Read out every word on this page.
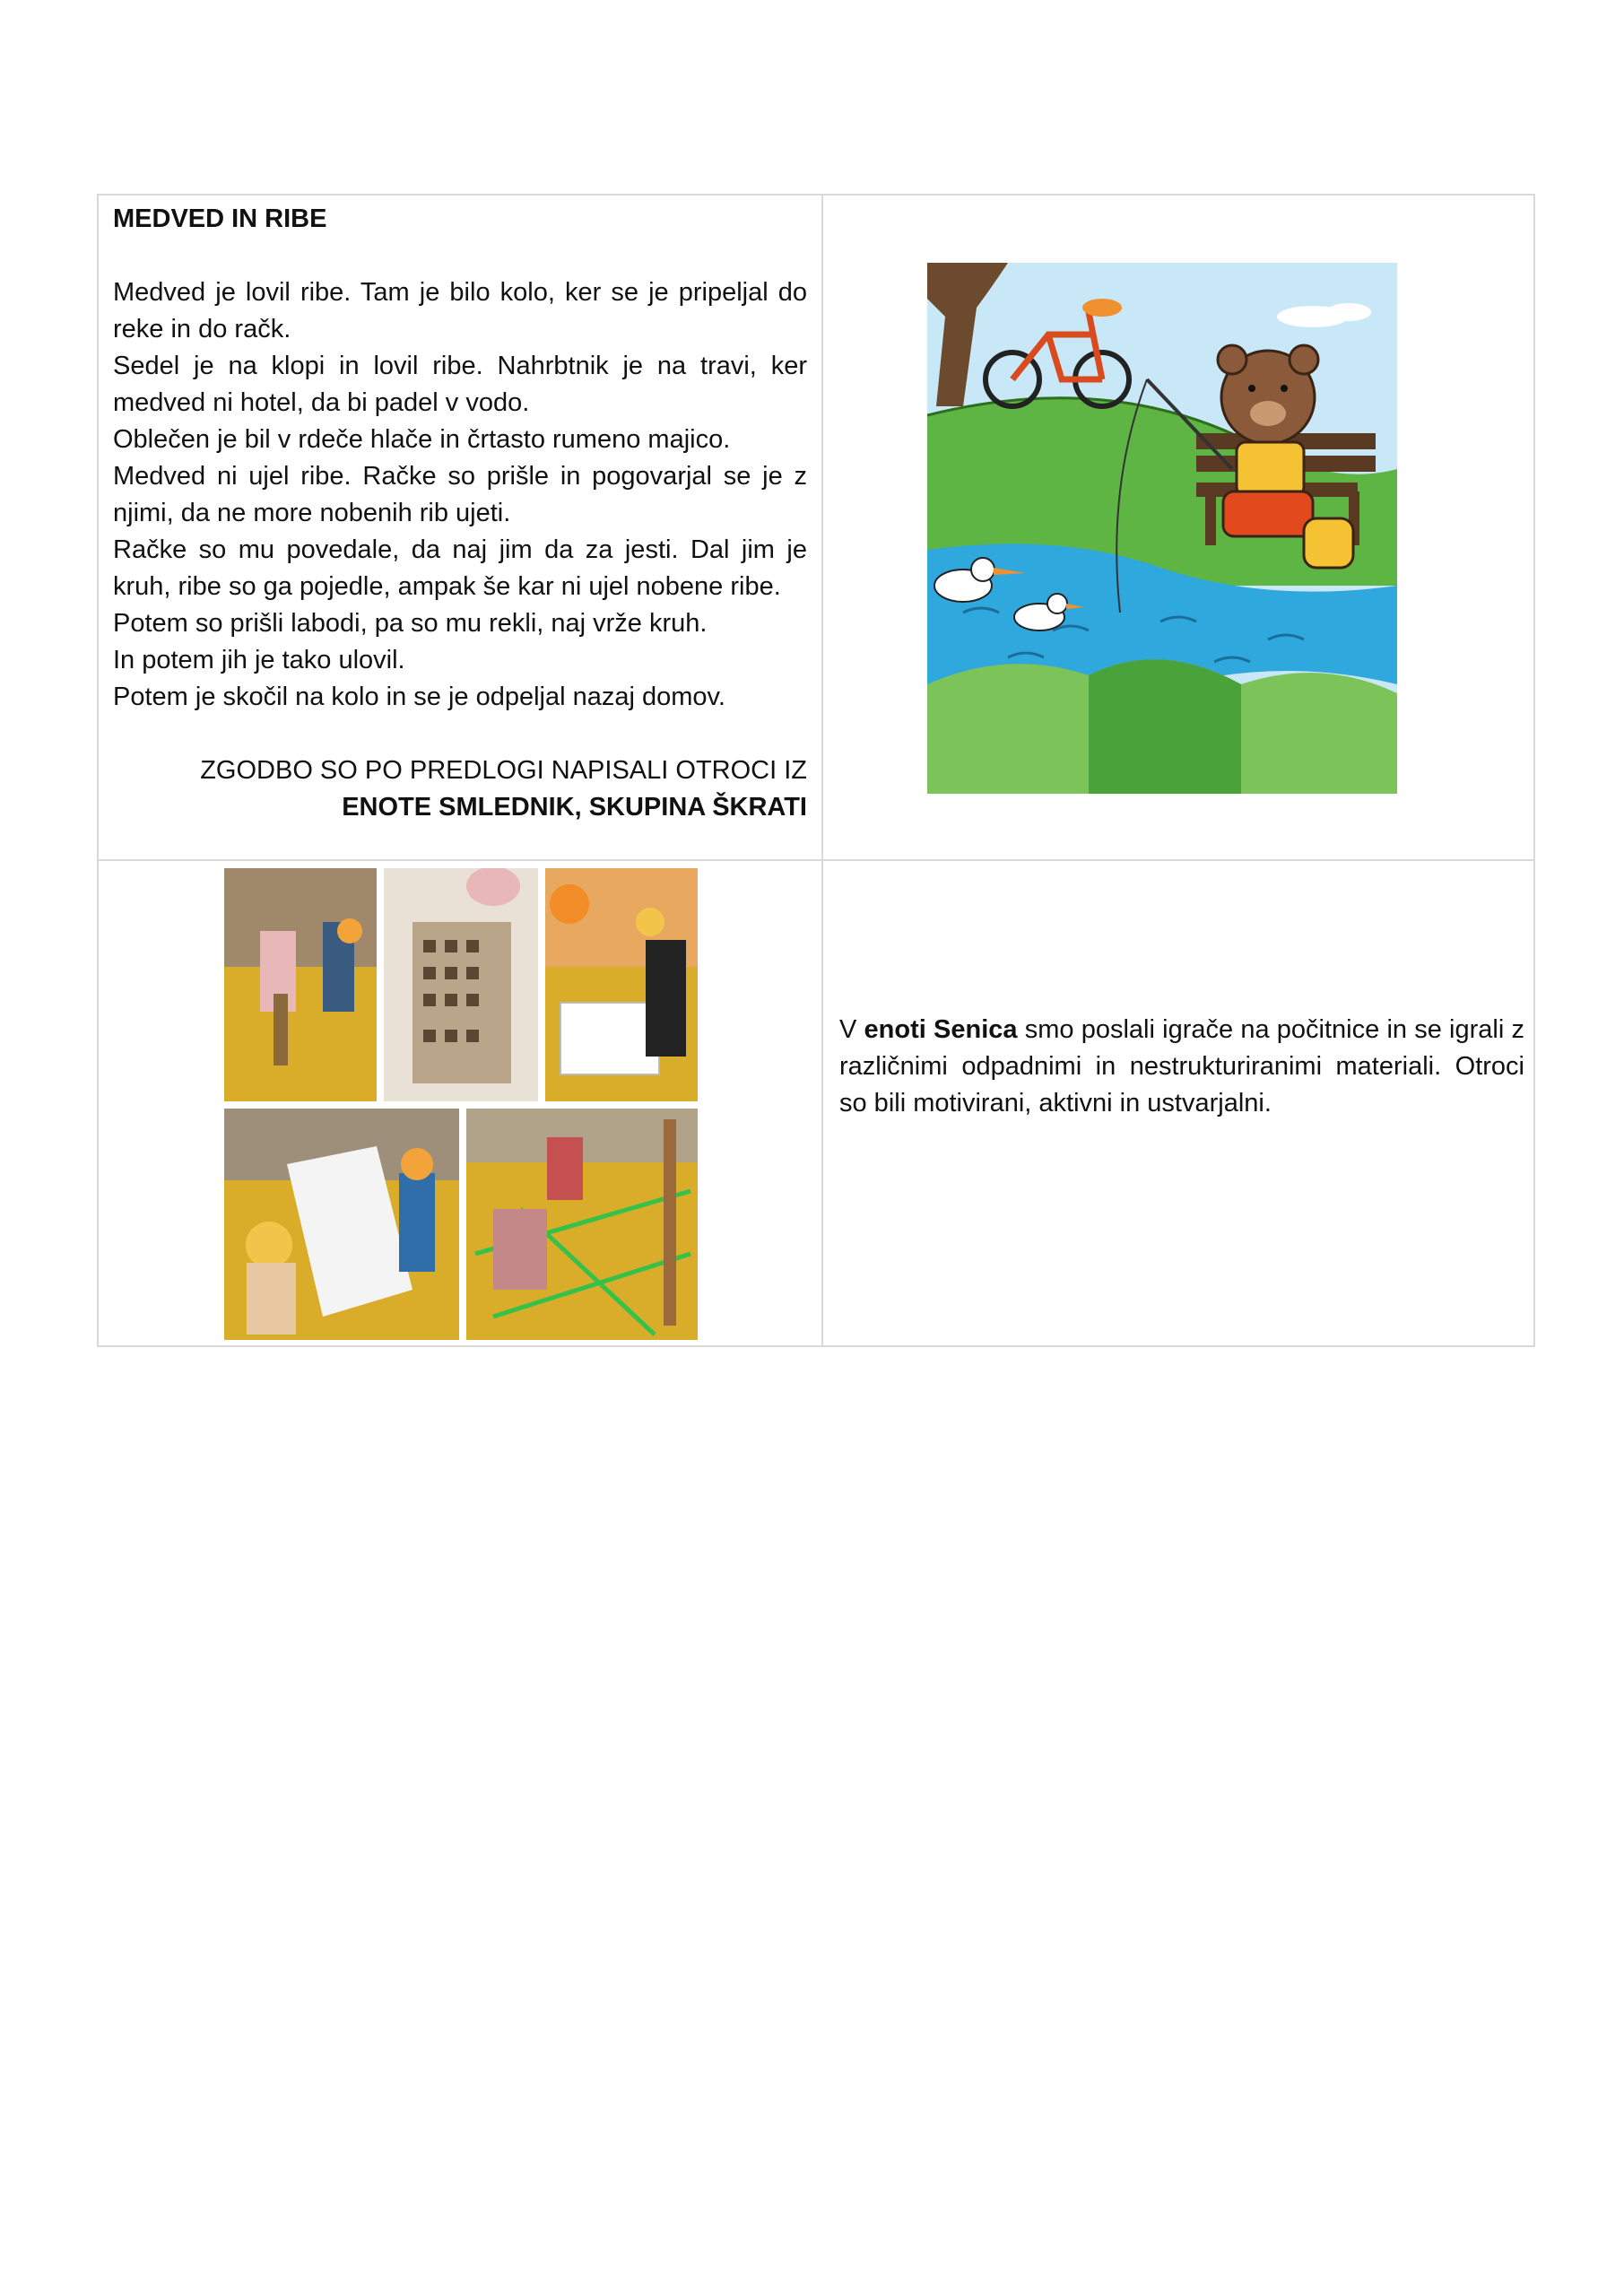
MEDVED IN RIBE

Medved je lovil ribe. Tam je bilo kolo, ker se je pripeljal do reke in do račk.

Sedel je na klopi in lovil ribe. Nahrbtnik je na travi, ker medved ni hotel, da bi padel v vodo.

Oblečen je bil v rdeče hlače in črtasto rumeno majico.

Medved ni ujel ribe. Račke so prišle in pogovarjal se je z njimi, da ne more nobenih rib ujeti.

Račke so mu povedale, da naj jim da za jesti. Dal jim je kruh, ribe so ga pojedle, ampak še kar ni ujel nobene ribe.

Potem so prišli labodi, pa so mu rekli, naj vrže kruh.

In potem jih je tako ulovil.

Potem je skočil na kolo in se je odpeljal nazaj domov.

ZGODBO SO PO PREDLOGI NAPISALI OTROCI IZ
ENOTE SMLEDNIK, SKUPINA ŠKRATI
V enoti Senica smo poslali igrače na počitnice in se igrali z različnimi odpadnimi in nestrukturiranimi materiali. Otroci so bili motivirani, aktivni in ustvarjalni.
